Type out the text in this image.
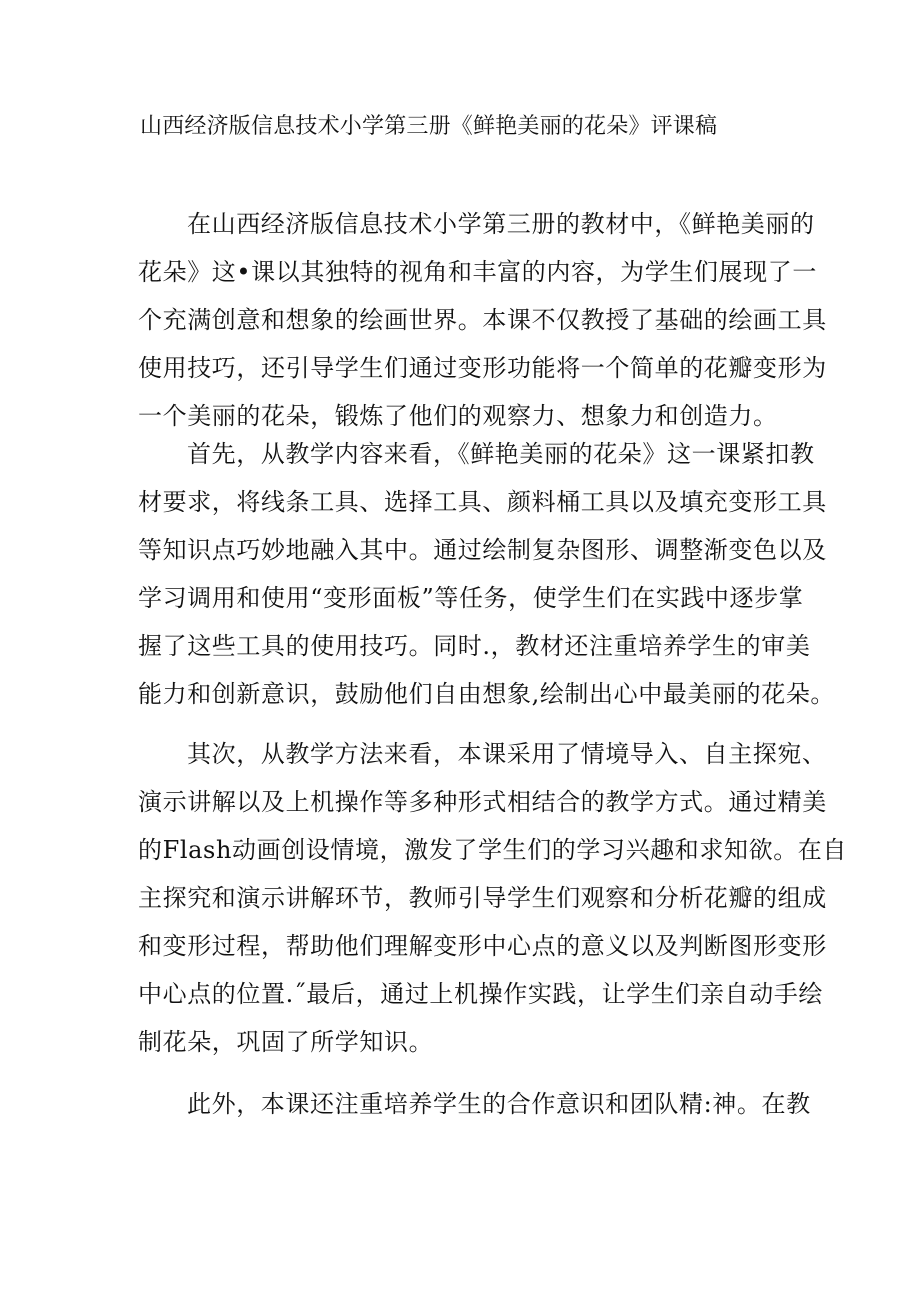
山西经济版信息技术小学第三册《鲜艳美丽的花朵》评课稿
在山西经济版信息技术小学第三册的教材中，《鲜艳美丽的
花朵》这•课以其独特的视角和丰富的内容，为学生们展现了一
个充满创意和想象的绘画世界。本课不仅教授了基础的绘画工具
使用技巧，还引导学生们通过变形功能将一个简单的花瓣变形为
一个美丽的花朵，锻炼了他们的观察力、想象力和创造力。
首先，从教学内容来看，《鲜艳美丽的花朵》这一课紧扣教
材要求，将线条工具、选择工具、颜料桶工具以及填充变形工具
等知识点巧妙地融入其中。通过绘制复杂图形、调整渐变色以及
学习调用和使用“变形面板”等任务，使学生们在实践中逐步掌
握了这些工具的使用技巧。同时.，教材还注重培养学生的审美
能力和创新意识，鼓励他们自由想象,绘制出心中最美丽的花朵。
其次，从教学方法来看，本课采用了情境导入、自主探宛、
演示讲解以及上机操作等多种形式相结合的教学方式。通过精美
的Flash动画创设情境，激发了学生们的学习兴趣和求知欲。在自
主探究和演示讲解环节，教师引导学生们观察和分析花瓣的组成
和变形过程，帮助他们理解变形中心点的意义以及判断图形变形
中心点的位置.˝最后，通过上机操作实践，让学生们亲自动手绘
制花朵，巩固了所学知识。
此外，本课还注重培养学生的合作意识和团队精:神。在教
